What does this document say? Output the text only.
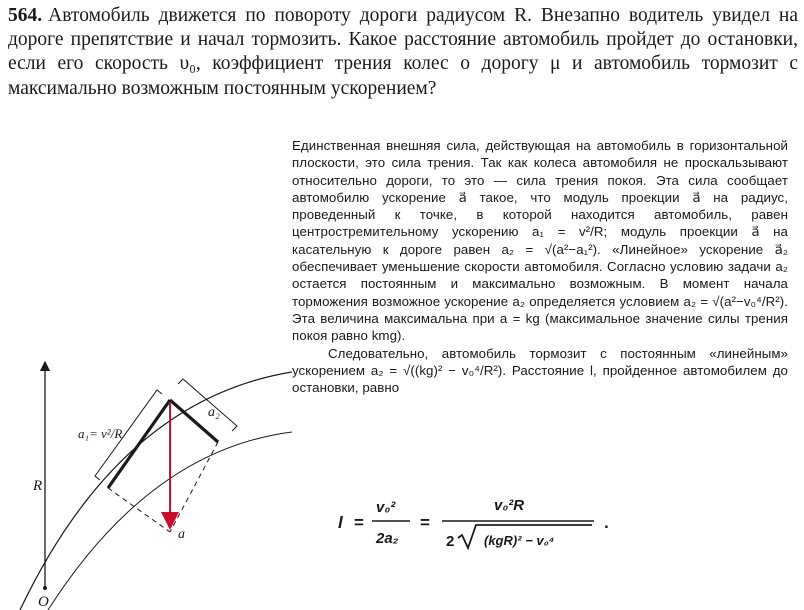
564. Автомобиль движется по повороту дороги радиусом R. Внезапно водитель увидел на дороге препятствие и начал тормозить. Какое расстояние автомобиль пройдет до остановки, если его скорость υ₀, коэффициент трения колес о дорогу μ и автомобиль тормозит с максимально возможным постоянным ускорением?

Единственная внешняя сила, действующая на автомобиль в горизонтальной плоскости, это сила трения. Так как колеса автомобиля не проскальзывают относительно дороги, то это — сила трения покоя. Эта сила сообщает автомобилю ускорение a⃗ такое, что модуль проекции a⃗ на радиус, проведенный к точке, в которой находится автомобиль, равен центростремительному ускорению a₁ = v²/R; модуль проекции a⃗ на касательную к дороге равен a₂ = √(a²−a₁²). «Линейное» ускорение a⃗₂ обеспечивает уменьшение скорости автомобиля. Согласно условию задачи a₂ остается постоянным и максимально возможным. В момент начала торможения возможное ускорение a₂ определяется условием a₂ = √(a²−v₀⁴/R²). Эта величина максимальна при a = kg (максимальное значение силы трения покоя равно kmg).

Следовательно, автомобиль тормозит с постоянным «линейным» ускорением a₂ = √((kg)² − v₀⁴/R²). Расстояние l, пройденное автомобилем до остановки, равно

l =
v₀²
2a₂
=
v₀²R
2 (kgR)² − v₀⁴
.
R
O
a⃗
a₁= v²/R
a₂
